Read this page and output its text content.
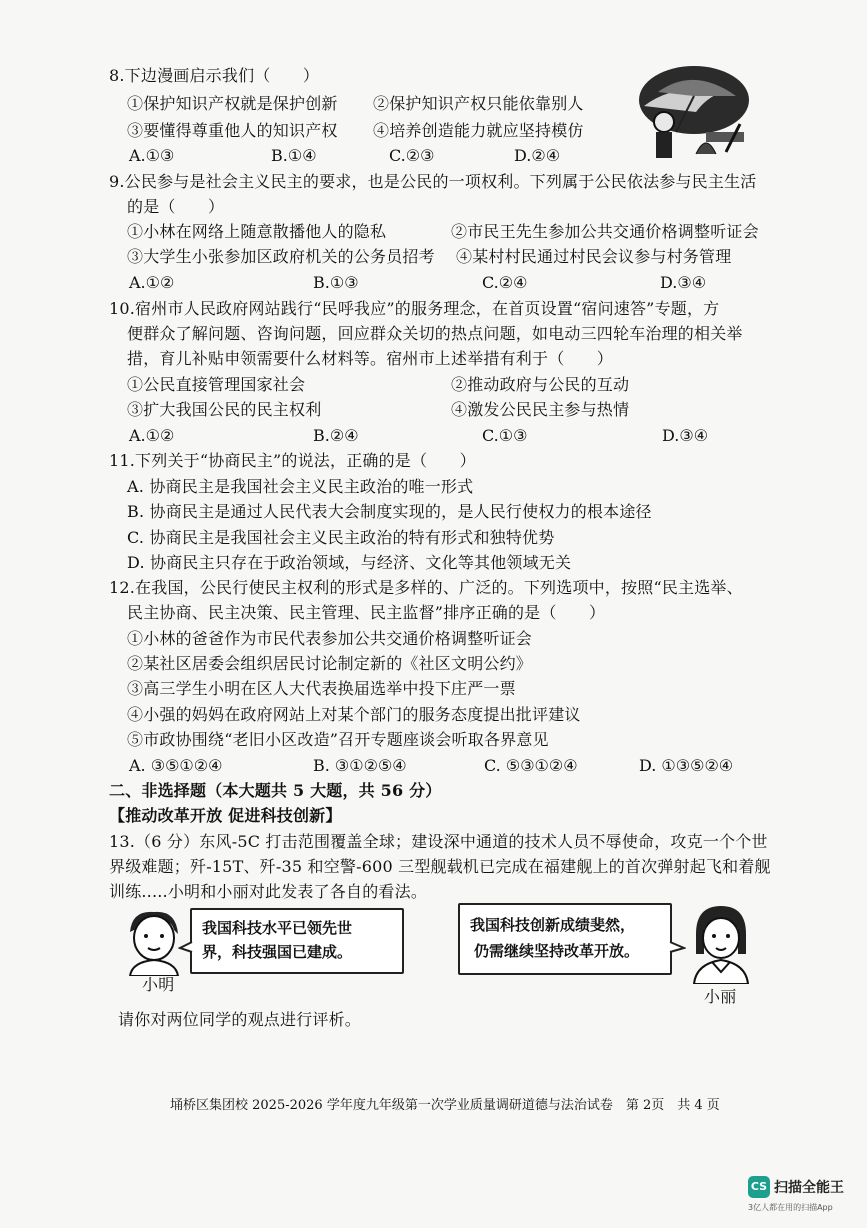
8.下边漫画启示我们（　　）
①保护知识产权就是保护创新 ②保护知识产权只能依靠别人
③要懂得尊重他人的知识产权 ④培养创造能力就应坚持模仿
A.①③	B.①④	C.②③	D.②④
9.公民参与是社会主义民主的要求，也是公民的一项权利。下列属于公民依法参与民主生活
的是（　　）
①小林在网络上随意散播他人的隐私	②市民王先生参加公共交通价格调整听证会
③大学生小张参加区政府机关的公务员招考 ④某村村民通过村民会议参与村务管理
A.①②	B.①③	C.②④	D.③④
10.宿州市人民政府网站践行“民呼我应”的服务理念，在首页设置“宿问速答”专题，方
便群众了解问题、咨询问题，回应群众关切的热点问题，如电动三四轮车治理的相关举
措，育儿补贴申领需要什么材料等。宿州市上述举措有利于（　　）
①公民直接管理国家社会	②推动政府与公民的互动
③扩大我国公民的民主权利	④激发公民民主参与热情
A.①②	B.②④	C.①③	D.③④
11.下列关于“协商民主”的说法，正确的是（　　）
A. 协商民主是我国社会主义民主政治的唯一形式
B. 协商民主是通过人民代表大会制度实现的，是人民行使权力的根本途径
C. 协商民主是我国社会主义民主政治的特有形式和独特优势
D. 协商民主只存在于政治领域，与经济、文化等其他领域无关
12.在我国，公民行使民主权利的形式是多样的、广泛的。下列选项中，按照“民主选举、
民主协商、民主决策、民主管理、民主监督”排序正确的是（　　）
①小林的爸爸作为市民代表参加公共交通价格调整听证会
②某社区居委会组织居民讨论制定新的《社区文明公约》
③高三学生小明在区人大代表换届选举中投下庄严一票
④小强的妈妈在政府网站上对某个部门的服务态度提出批评建议
⑤市政协围绕“老旧小区改造”召开专题座谈会听取各界意见
A. ③⑤①②④	B. ③①②⑤④	C. ⑤③①②④	D. ①③⑤②④
二、非选择题（本大题共 5 大题，共 56 分）
【推动改革开放 促进科技创新】
13.（6 分）东风-5C 打击范围覆盖全球；建设深中通道的技术人员不辱使命，攻克一个个世
界级难题；歼-15T、歼-35 和空警-600 三型舰载机已完成在福建舰上的首次弹射起飞和着舰
训练.....小明和小丽对此发表了各自的看法。
小明
我国科技水平已领先世
界，科技强国已建成。
我国科技创新成绩斐然，
仍需继续坚持改革开放。
小丽
请你对两位同学的观点进行评析。
埇桥区集团校 2025-2026 学年度九年级第一次学业质量调研道德与法治试卷　第 2页　共 4 页
CS 扫描全能王
3亿人都在用的扫描App
